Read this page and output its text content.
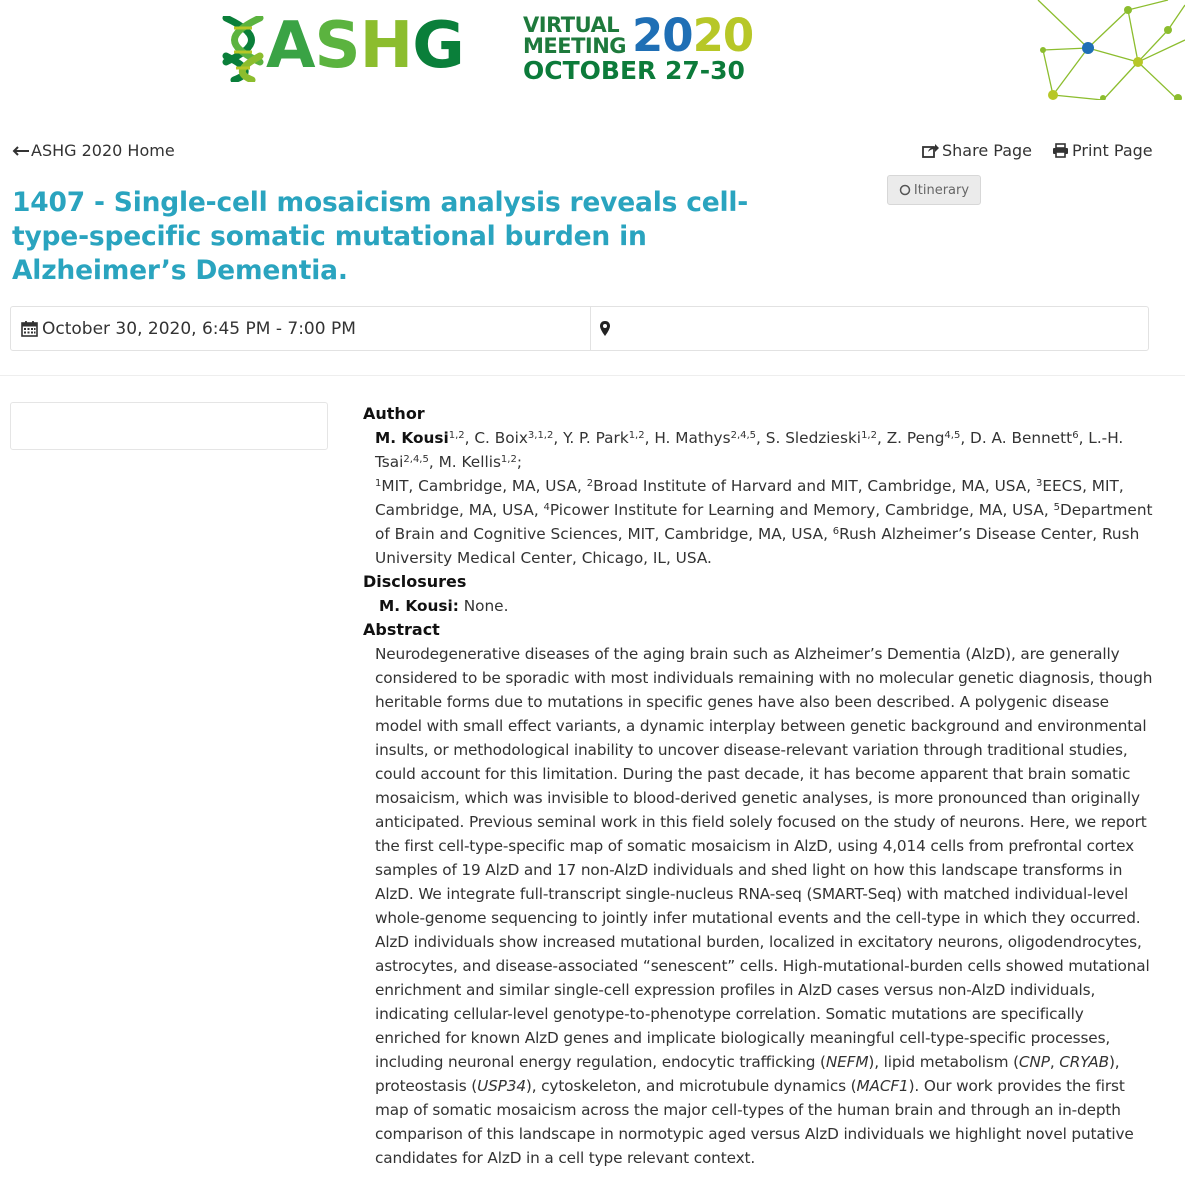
ASHG	VIRTUAL
MEETING 2020
OCTOBER 27-30
ASHG 2020 Home	Share Page	Print Page
Itinerary
1407 - Single-cell mosaicism analysis reveals cell-type-specific somatic mutational burden in Alzheimer’s Dementia.
October 30, 2020, 6:45 PM - 7:00 PM
Author
M. Kousi$^{1,2}$, C. Boix$^{3,1,2}$, Y. P. Park$^{1,2}$, H. Mathys$^{2,4,5}$, S. Sledzieski$^{1,2}$, Z. Peng$^{4,5}$, D. A. Bennett$^6$, L.-H. Tsai$^{2,4,5}$, M. Kellis$^{1,2}$;
$^1$MIT, Cambridge, MA, USA, $^2$Broad Institute of Harvard and MIT, Cambridge, MA, USA, $^3$EECS, MIT, Cambridge, MA, USA, $^4$Picower Institute for Learning and Memory, Cambridge, MA, USA, $^5$Department of Brain and Cognitive Sciences, MIT, Cambridge, MA, USA, $^6$Rush Alzheimer’s Disease Center, Rush University Medical Center, Chicago, IL, USA.
Disclosures
M. Kousi: None.
Abstract
Neurodegenerative diseases of the aging brain such as Alzheimer’s Dementia (AlzD), are generally considered to be sporadic with most individuals remaining with no molecular genetic diagnosis, though heritable forms due to mutations in specific genes have also been described. A polygenic disease model with small effect variants, a dynamic interplay between genetic background and environmental insults, or methodological inability to uncover disease-relevant variation through traditional studies, could account for this limitation. During the past decade, it has become apparent that brain somatic mosaicism, which was invisible to blood-derived genetic analyses, is more pronounced than originally anticipated. Previous seminal work in this field solely focused on the study of neurons. Here, we report the first cell-type-specific map of somatic mosaicism in AlzD, using 4,014 cells from prefrontal cortex samples of 19 AlzD and 17 non-AlzD individuals and shed light on how this landscape transforms in AlzD. We integrate full-transcript single-nucleus RNA-seq (SMART-Seq) with matched individual-level whole-genome sequencing to jointly infer mutational events and the cell-type in which they occurred. AlzD individuals show increased mutational burden, localized in excitatory neurons, oligodendrocytes, astrocytes, and disease-associated “senescent” cells. High-mutational-burden cells showed mutational enrichment and similar single-cell expression profiles in AlzD cases versus non-AlzD individuals, indicating cellular-level genotype-to-phenotype correlation. Somatic mutations are specifically enriched for known AlzD genes and implicate biologically meaningful cell-type-specific processes, including neuronal energy regulation, endocytic trafficking (NEFM), lipid metabolism (CNP, CRYAB), proteostasis (USP34), cytoskeleton, and microtubule dynamics (MACF1). Our work provides the first map of somatic mosaicism across the major cell-types of the human brain and through an in-depth comparison of this landscape in normotypic aged versus AlzD individuals we highlight novel putative candidates for AlzD in a cell type relevant context.
